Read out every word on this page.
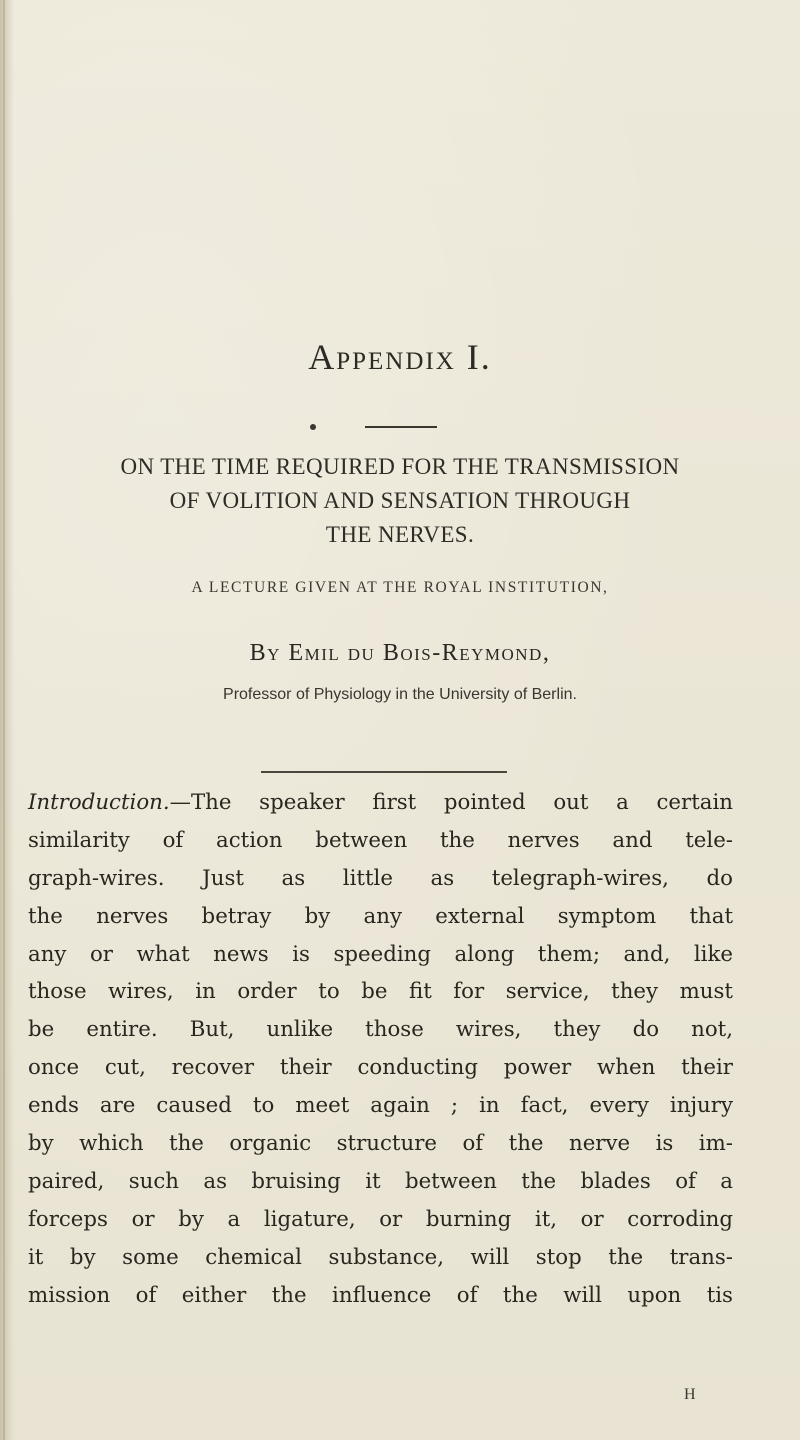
Appendix I.
ON THE TIME REQUIRED FOR THE TRANSMISSION
OF VOLITION AND SENSATION THROUGH
THE NERVES.
A LECTURE GIVEN AT THE ROYAL INSTITUTION,
By Emil du Bois-Reymond,
Professor of Physiology in the University of Berlin.
Introduction.—The speaker first pointed out a certain
similarity of action between the nerves and tele-
graph-wires. Just as little as telegraph-wires, do
the nerves betray by any external symptom that
any or what news is speeding along them; and, like
those wires, in order to be fit for service, they must
be entire. But, unlike those wires, they do not,
once cut, recover their conducting power when their
ends are caused to meet again ; in fact, every injury
by which the organic structure of the nerve is im-
paired, such as bruising it between the blades of a
forceps or by a ligature, or burning it, or corroding
it by some chemical substance, will stop the trans-
mission of either the influence of the will upon tis
H
